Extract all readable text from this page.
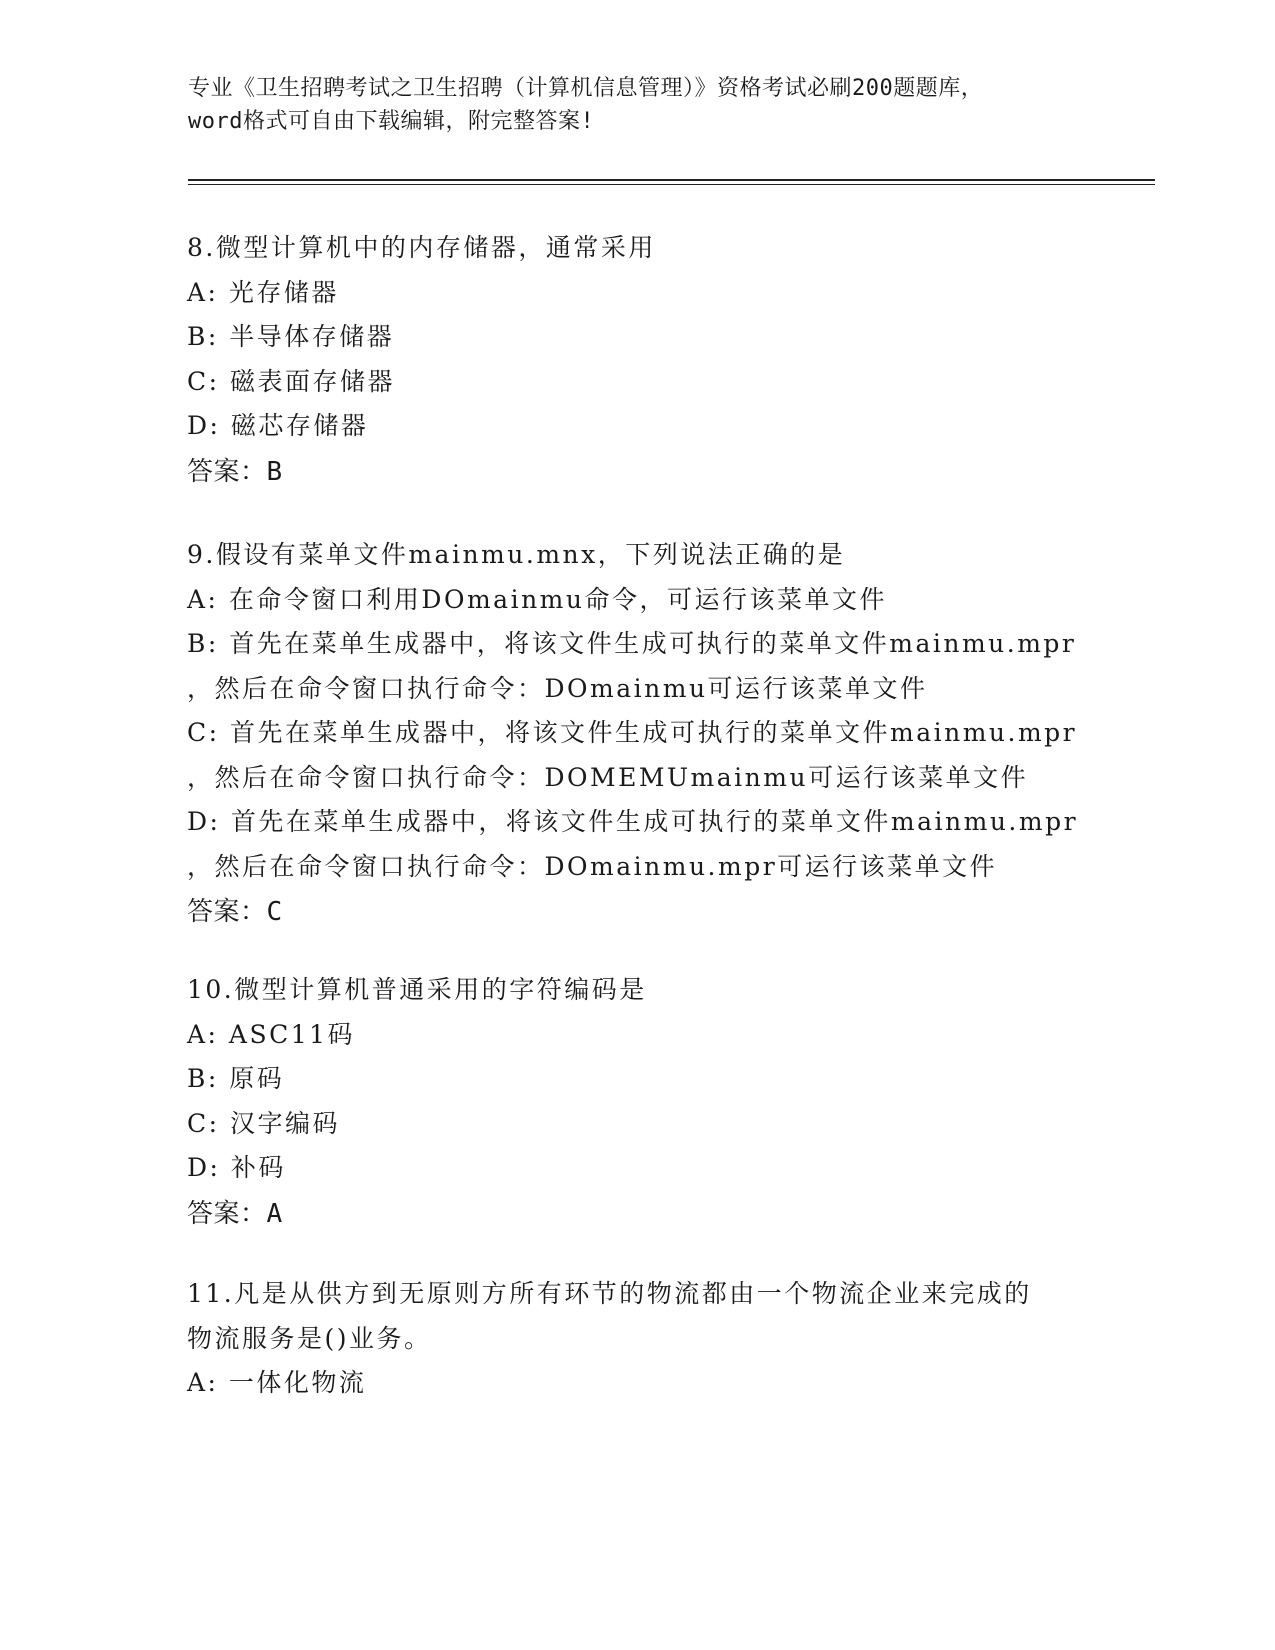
专业《卫生招聘考试之卫生招聘（计算机信息管理）》资格考试必刷200题题库，
word格式可自由下载编辑，附完整答案!
8.微型计算机中的内存储器，通常采用
A: 光存储器
B: 半导体存储器
C: 磁表面存储器
D: 磁芯存储器
答案：B
9.假设有菜单文件mainmu.mnx，下列说法正确的是
A: 在命令窗口利用DOmainmu命令，可运行该菜单文件
B: 首先在菜单生成器中，将该文件生成可执行的菜单文件mainmu.mpr
，然后在命令窗口执行命令：DOmainmu可运行该菜单文件
C: 首先在菜单生成器中，将该文件生成可执行的菜单文件mainmu.mpr
，然后在命令窗口执行命令：DOMEMUmainmu可运行该菜单文件
D: 首先在菜单生成器中，将该文件生成可执行的菜单文件mainmu.mpr
，然后在命令窗口执行命令：DOmainmu.mpr可运行该菜单文件
答案：C
10.微型计算机普通采用的字符编码是
A: ASC11码
B: 原码
C: 汉字编码
D: 补码
答案：A
11.凡是从供方到无原则方所有环节的物流都由一个物流企业来完成的
物流服务是()业务。
A: 一体化物流
